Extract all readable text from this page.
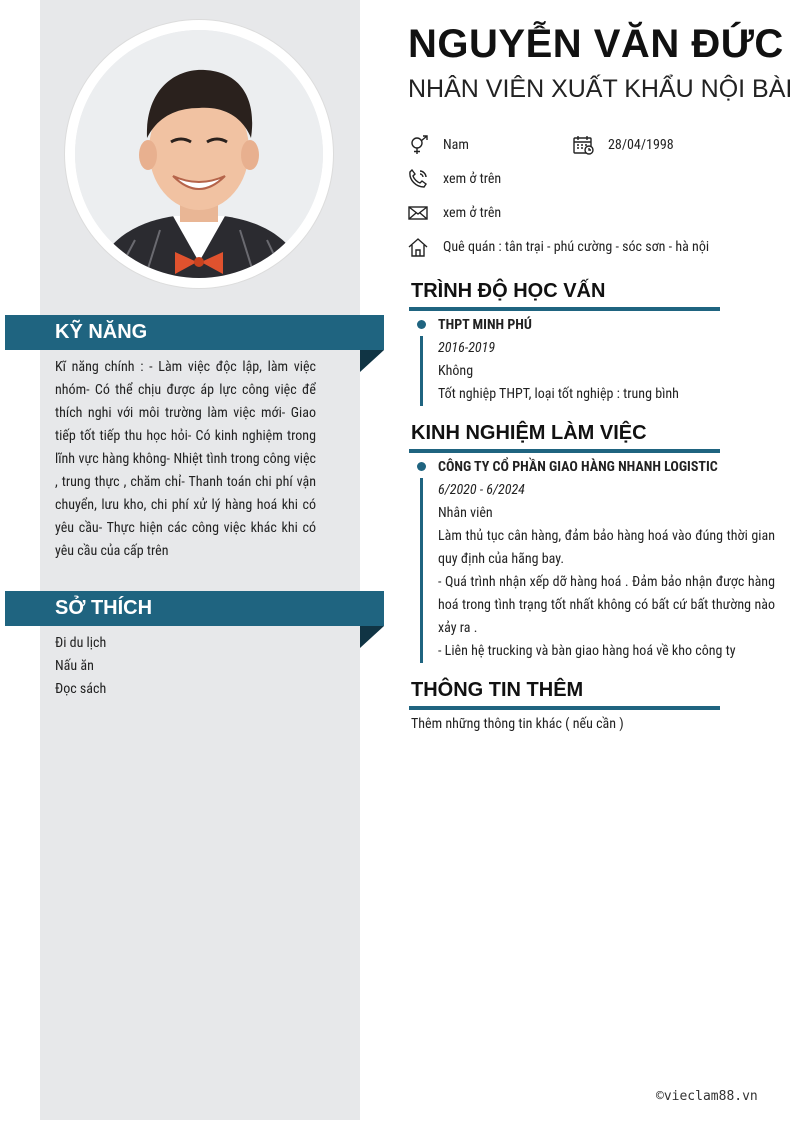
KỸ NĂNG
Kĩ năng chính : - Làm việc độc lập, làm việc nhóm- Có thể chịu được áp lực công việc để thích nghi với môi trường làm việc mới- Giao tiếp tốt tiếp thu học hỏi- Có kinh nghiệm trong lĩnh vực hàng không- Nhiệt tình trong công việc , trung thực , chăm chỉ- Thanh toán chi phí vận chuyển, lưu kho, chi phí xử lý hàng hoá khi có yêu cầu- Thực hiện các công việc khác khi có yêu cầu của cấp trên
SỞ THÍCH
Đi du lịch
Nấu ăn
Đọc sách
NGUYỄN VĂN ĐỨC
NHÂN VIÊN XUẤT KHẨU NỘI BÀI
Nam	28/04/1998
xem ở trên
xem ở trên
Quê quán : tân trại - phú cường - sóc sơn - hà nội
TRÌNH ĐỘ HỌC VẤN
THPT MINH PHÚ
2016-2019
Không
Tốt nghiệp THPT, loại tốt nghiệp : trung bình
KINH NGHIỆM LÀM VIỆC
CÔNG TY CỔ PHẦN GIAO HÀNG NHANH LOGISTIC
6/2020 - 6/2024
Nhân viên
Làm thủ tục cân hàng, đảm bảo hàng hoá vào đúng thời gian quy định của hãng bay.
- Quá trình nhận xếp dỡ hàng hoá . Đảm bảo nhận được hàng hoá trong tình trạng tốt nhất không có bất cứ bất thường nào xảy ra .
- Liên hệ trucking và bàn giao hàng hoá về kho công ty
THÔNG TIN THÊM
Thêm những thông tin khác ( nếu cần )
©vieclam88.vn
